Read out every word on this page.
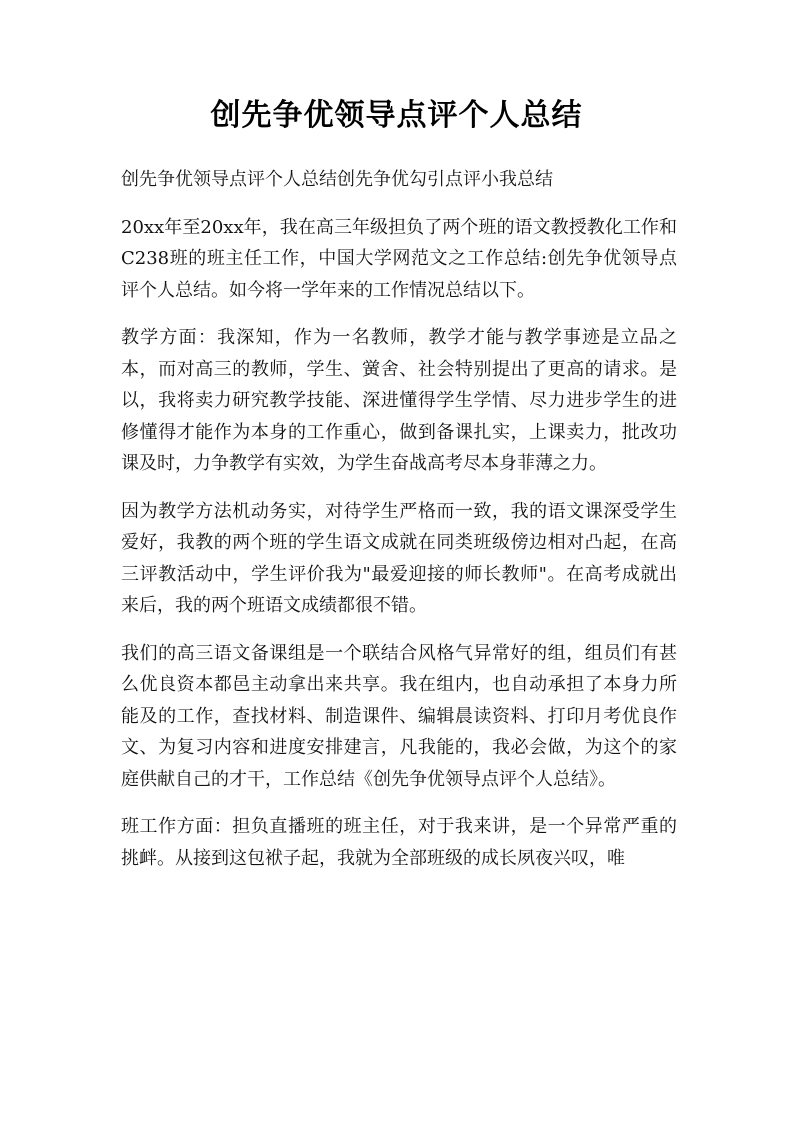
创先争优领导点评个人总结

创先争优领导点评个人总结创先争优勾引点评小我总结

20xx年至20xx年，我在高三年级担负了两个班的语文教授教化工作和C238班的班主任工作，中国大学网范文之工作总结:创先争优领导点评个人总结。如今将一学年来的工作情况总结以下。

教学方面：我深知，作为一名教师，教学才能与教学事迹是立品之本，而对高三的教师，学生、黉舍、社会特别提出了更高的请求。是以，我将卖力研究教学技能、深进懂得学生学情、尽力进步学生的进修懂得才能作为本身的工作重心，做到备课扎实，上课卖力，批改功课及时，力争教学有实效，为学生奋战高考尽本身菲薄之力。

因为教学方法机动务实，对待学生严格而一致，我的语文课深受学生爱好，我教的两个班的学生语文成就在同类班级傍边相对凸起，在高三评教活动中，学生评价我为"最爱迎接的师长教师"。在高考成就出来后，我的两个班语文成绩都很不错。

我们的高三语文备课组是一个联结合风格气异常好的组，组员们有甚么优良资本都邑主动拿出来共享。我在组内，也自动承担了本身力所能及的工作，查找材料、制造课件、编辑晨读资料、打印月考优良作文、为复习内容和进度安排建言，凡我能的，我必会做，为这个的家庭供献自己的才干，工作总结《创先争优领导点评个人总结》。

班工作方面：担负直播班的班主任，对于我来讲，是一个异常严重的挑衅。从接到这包袱子起，我就为全部班级的成长夙夜兴叹，唯
